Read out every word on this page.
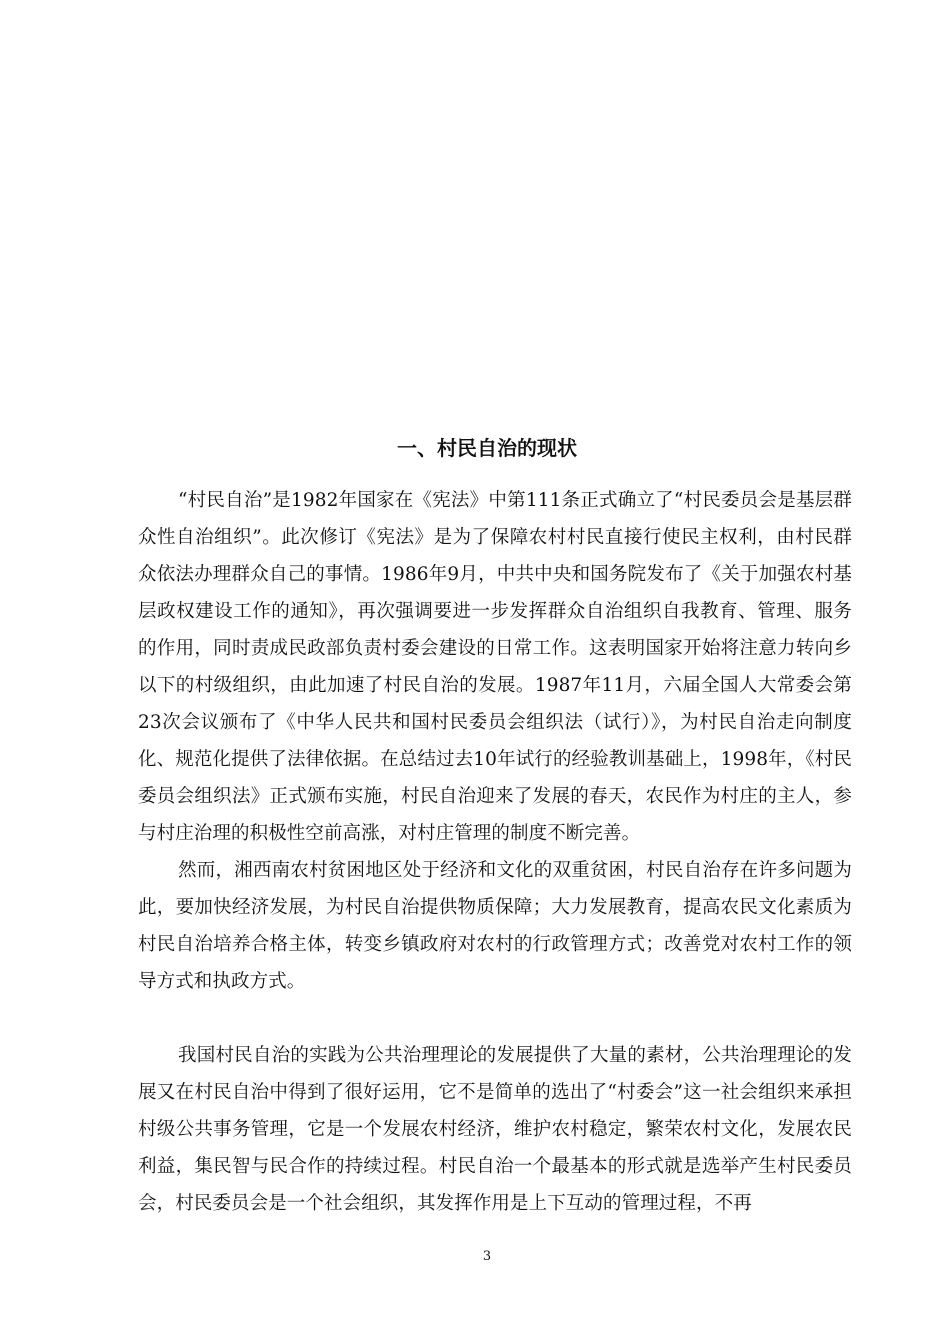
一、村民自治的现状

“村民自治”是1982年国家在《宪法》中第111条正式确立了“村民委员会是基层群众性自治组织”。此次修订《宪法》是为了保障农村村民直接行使民主权利，由村民群众依法办理群众自己的事情。1986年9月，中共中央和国务院发布了《关于加强农村基层政权建设工作的通知》，再次强调要进一步发挥群众自治组织自我教育、管理、服务的作用，同时责成民政部负责村委会建设的日常工作。这表明国家开始将注意力转向乡以下的村级组织，由此加速了村民自治的发展。1987年11月，六届全国人大常委会第23次会议颁布了《中华人民共和国村民委员会组织法（试行）》，为村民自治走向制度化、规范化提供了法律依据。在总结过去10年试行的经验教训基础上，1998年，《村民委员会组织法》正式颁布实施，村民自治迎来了发展的春天，农民作为村庄的主人，参与村庄治理的积极性空前高涨，对村庄管理的制度不断完善。

然而，湘西南农村贫困地区处于经济和文化的双重贫困，村民自治存在许多问题为此，要加快经济发展，为村民自治提供物质保障；大力发展教育，提高农民文化素质为村民自治培养合格主体，转变乡镇政府对农村的行政管理方式；改善党对农村工作的领导方式和执政方式。

我国村民自治的实践为公共治理理论的发展提供了大量的素材，公共治理理论的发展又在村民自治中得到了很好运用，它不是简单的选出了“村委会”这一社会组织来承担村级公共事务管理，它是一个发展农村经济，维护农村稳定，繁荣农村文化，发展农民利益，集民智与民合作的持续过程。村民自治一个最基本的形式就是选举产生村民委员会，村民委员会是一个社会组织，其发挥作用是上下互动的管理过程，不再

3
